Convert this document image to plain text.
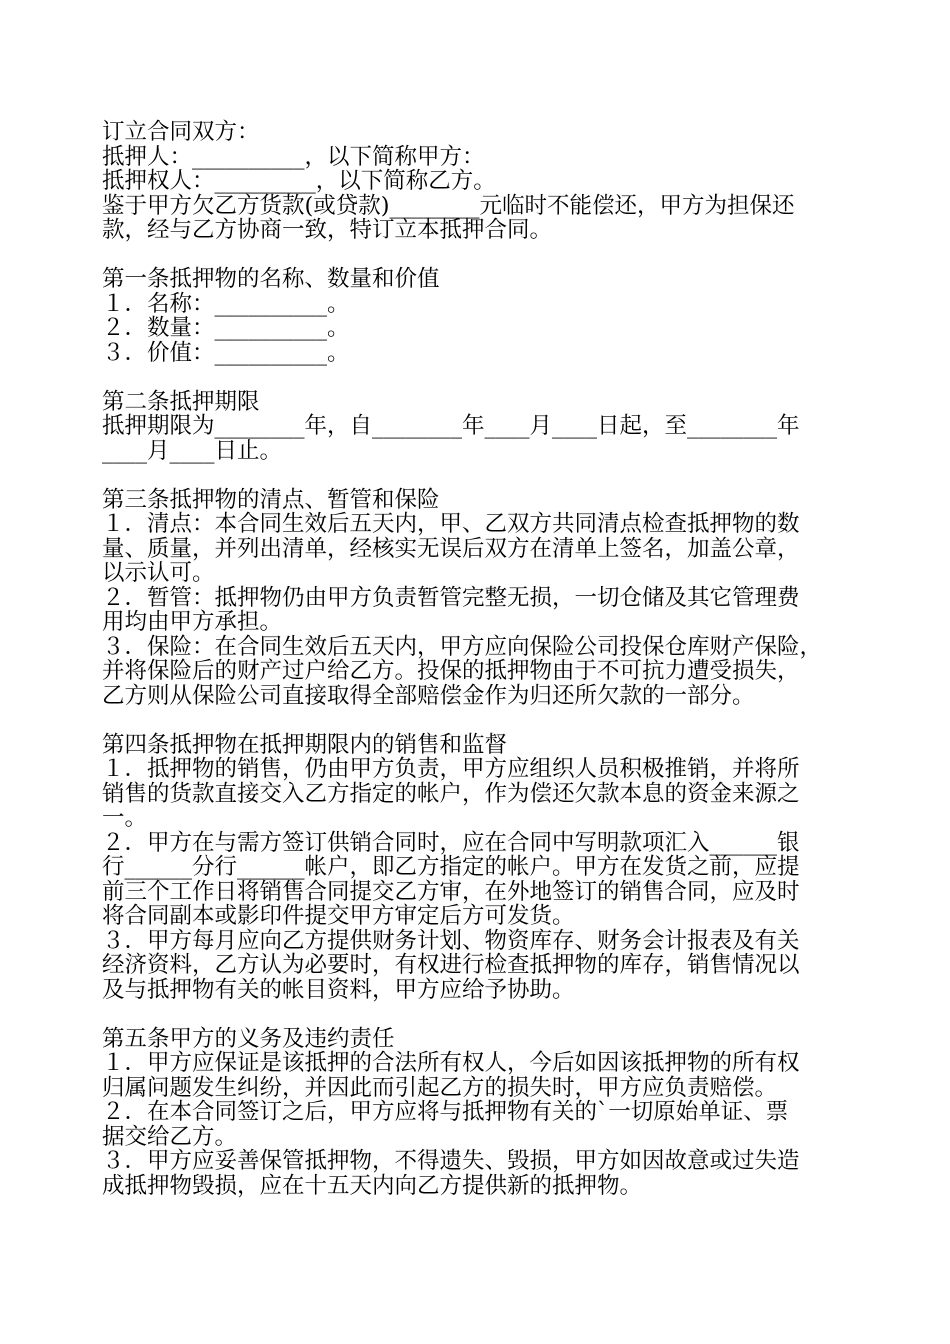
订立合同双方：
抵押人：__________，以下简称甲方：
抵押权人：_________，以下简称乙方。
鉴于甲方欠乙方货款(或贷款)________元临时不能偿还，甲方为担保还
款，经与乙方协商一致，特订立本抵押合同。
第一条抵押物的名称、数量和价值
１．名称：__________。
２．数量：__________。
３．价值：__________。
第二条抵押期限
抵押期限为________年，自________年____月____日起，至________年
____月____日止。
第三条抵押物的清点、暂管和保险
１．清点：本合同生效后五天内，甲、乙双方共同清点检查抵押物的数
量、质量，并列出清单，经核实无误后双方在清单上签名，加盖公章，
以示认可。
２．暂管：抵押物仍由甲方负责暂管完整无损，一切仓储及其它管理费
用均由甲方承担。
３．保险：在合同生效后五天内，甲方应向保险公司投保仓库财产保险，
并将保险后的财产过户给乙方。投保的抵押物由于不可抗力遭受损失，
乙方则从保险公司直接取得全部赔偿金作为归还所欠款的一部分。
第四条抵押物在抵押期限内的销售和监督
１．抵押物的销售，仍由甲方负责，甲方应组织人员积极推销，并将所
销售的货款直接交入乙方指定的帐户，作为偿还欠款本息的资金来源之
一。
２．甲方在与需方签订供销合同时，应在合同中写明款项汇入______银
行______分行______帐户，即乙方指定的帐户。甲方在发货之前，应提
前三个工作日将销售合同提交乙方审，在外地签订的销售合同，应及时
将合同副本或影印件提交甲方审定后方可发货。
３．甲方每月应向乙方提供财务计划、物资库存、财务会计报表及有关
经济资料，乙方认为必要时，有权进行检查抵押物的库存，销售情况以
及与抵押物有关的帐目资料，甲方应给予协助。
第五条甲方的义务及违约责任
１．甲方应保证是该抵押的合法所有权人，今后如因该抵押物的所有权
归属问题发生纠纷，并因此而引起乙方的损失时，甲方应负责赔偿。
２．在本合同签订之后，甲方应将与抵押物有关的`一切原始单证、票
据交给乙方。
３．甲方应妥善保管抵押物，不得遗失、毁损，甲方如因故意或过失造
成抵押物毁损，应在十五天内向乙方提供新的抵押物。
